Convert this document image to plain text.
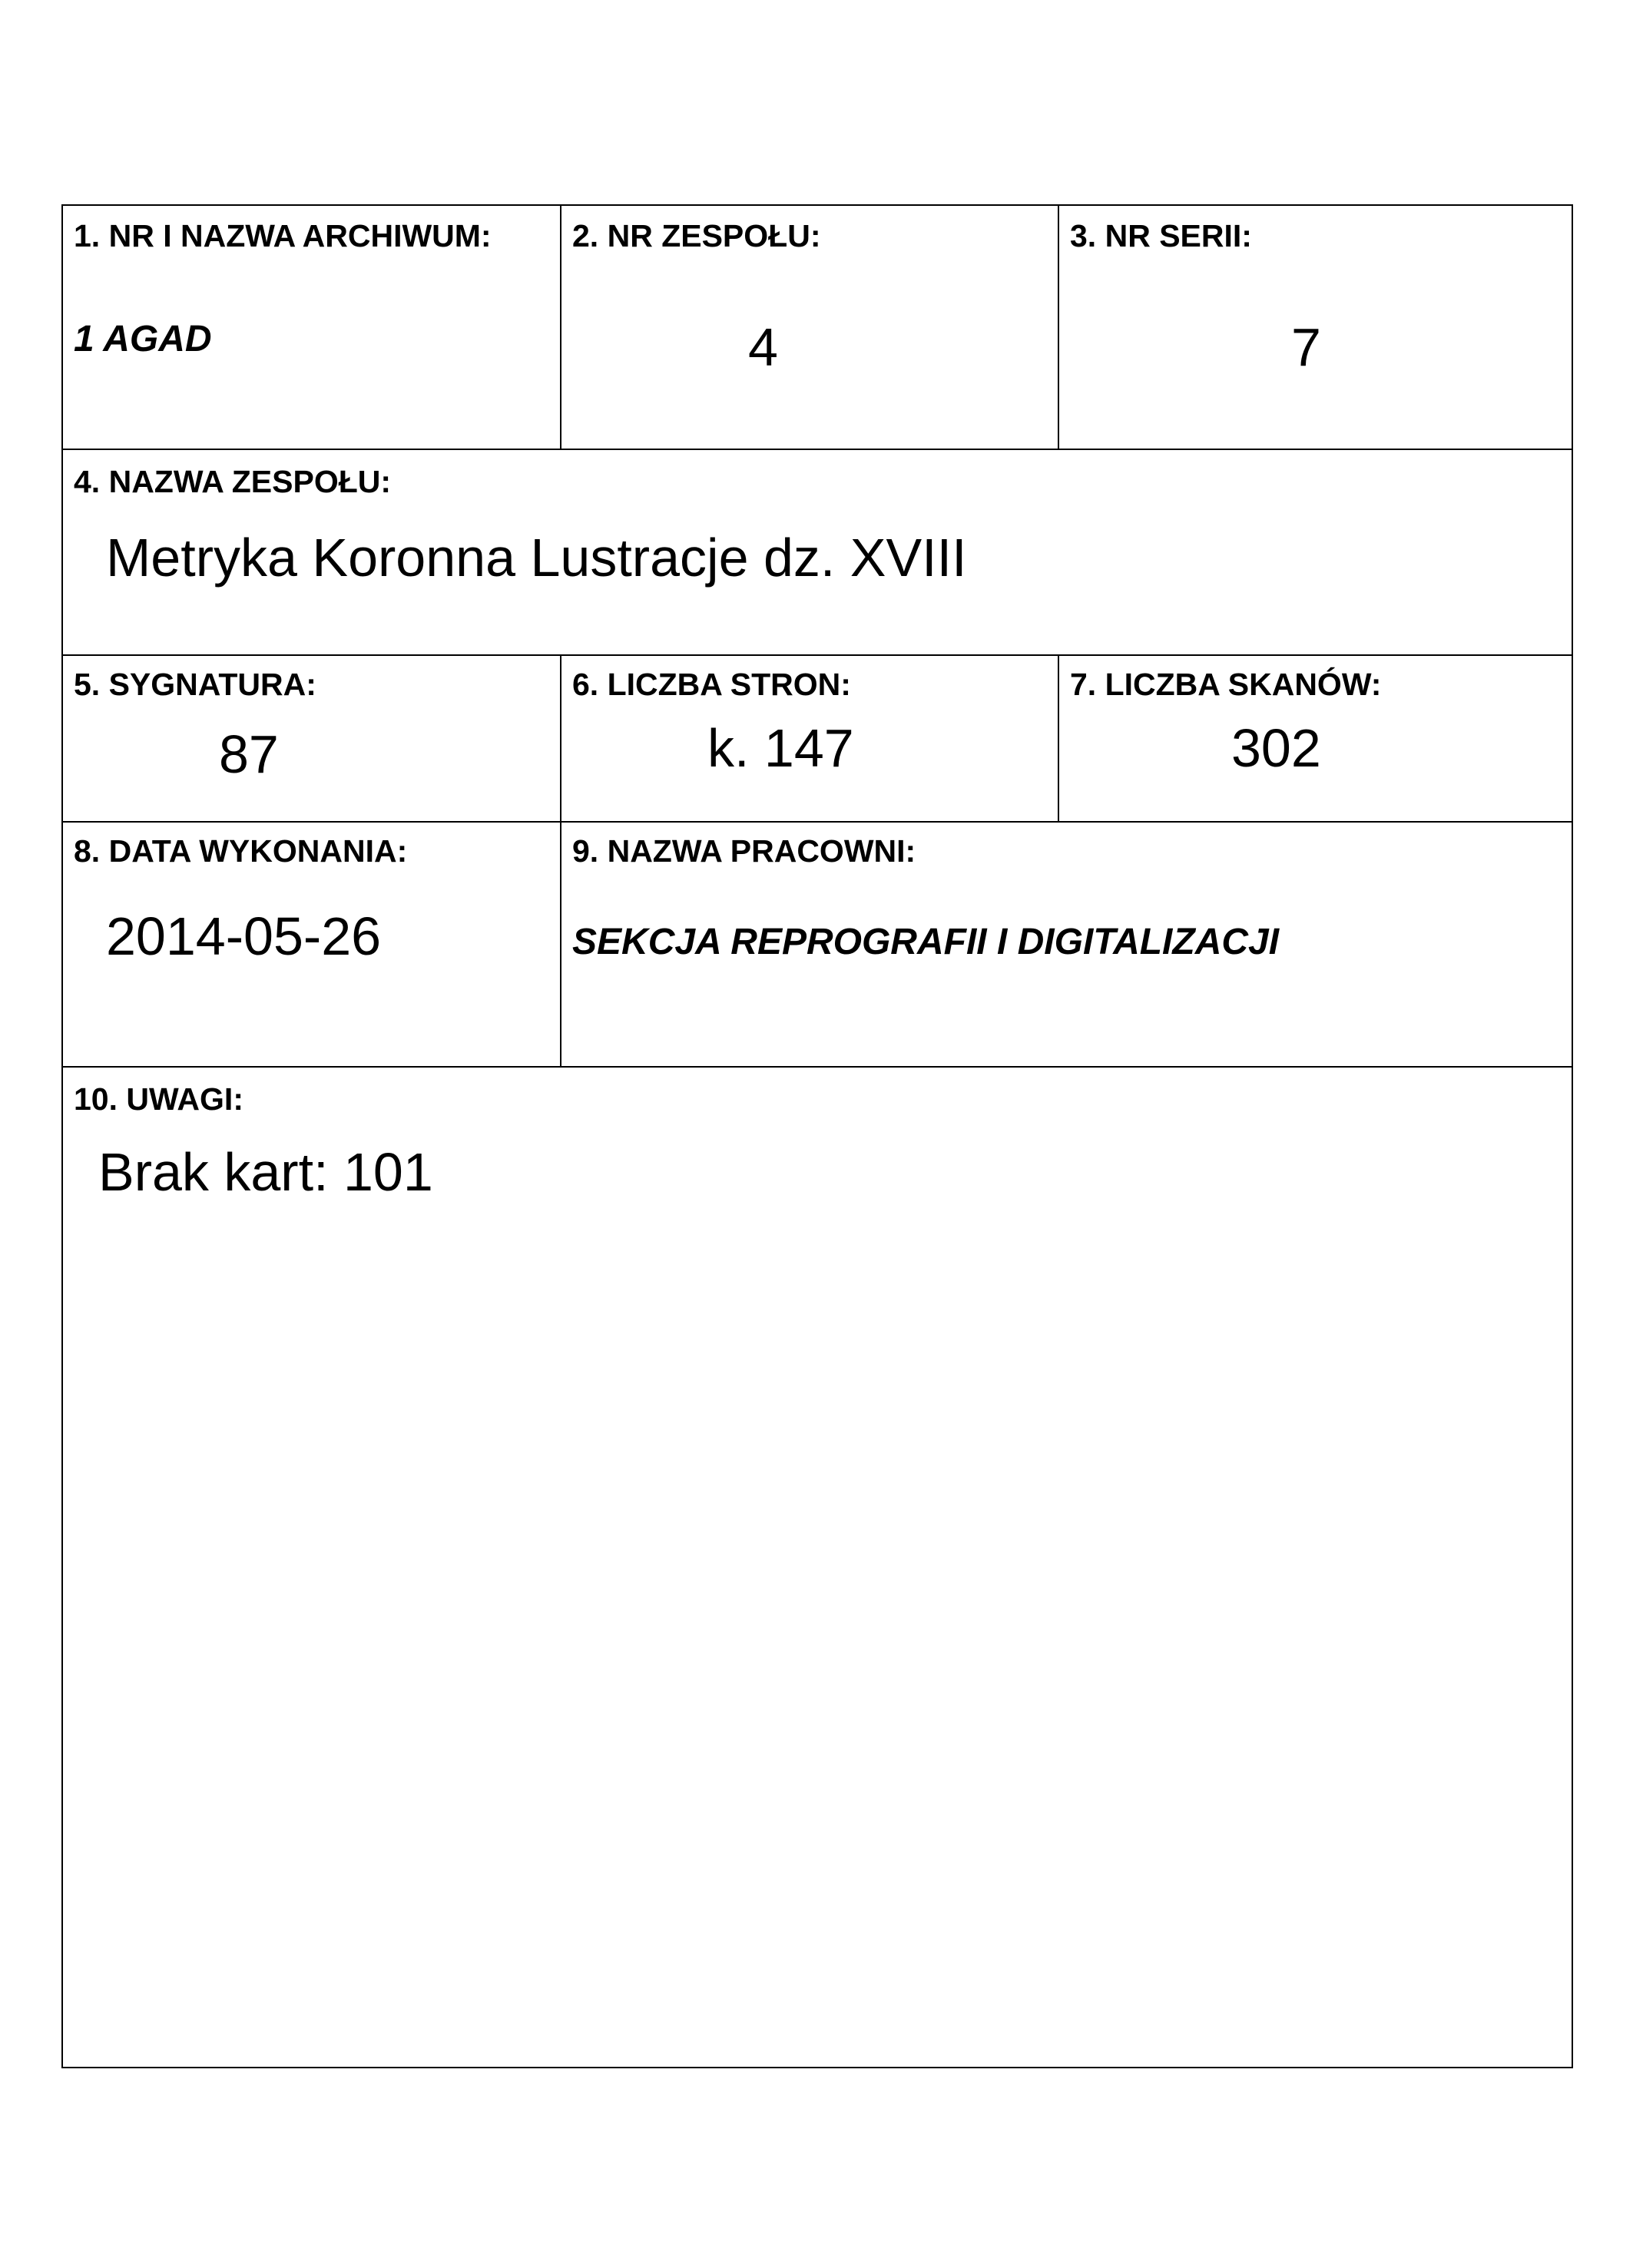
1. NR I NAZWA ARCHIWUM:
1 AGAD
2. NR ZESPOŁU:
4
3. NR SERII:
7
4. NAZWA ZESPOŁU:
Metryka Koronna Lustracje dz. XVIII
5. SYGNATURA:
87
6. LICZBA STRON:
k. 147
7. LICZBA SKANÓW:
302
8. DATA WYKONANIA:
2014-05-26
9. NAZWA PRACOWNI:
SEKCJA REPROGRAFII I DIGITALIZACJI
10. UWAGI:
Brak kart: 101
